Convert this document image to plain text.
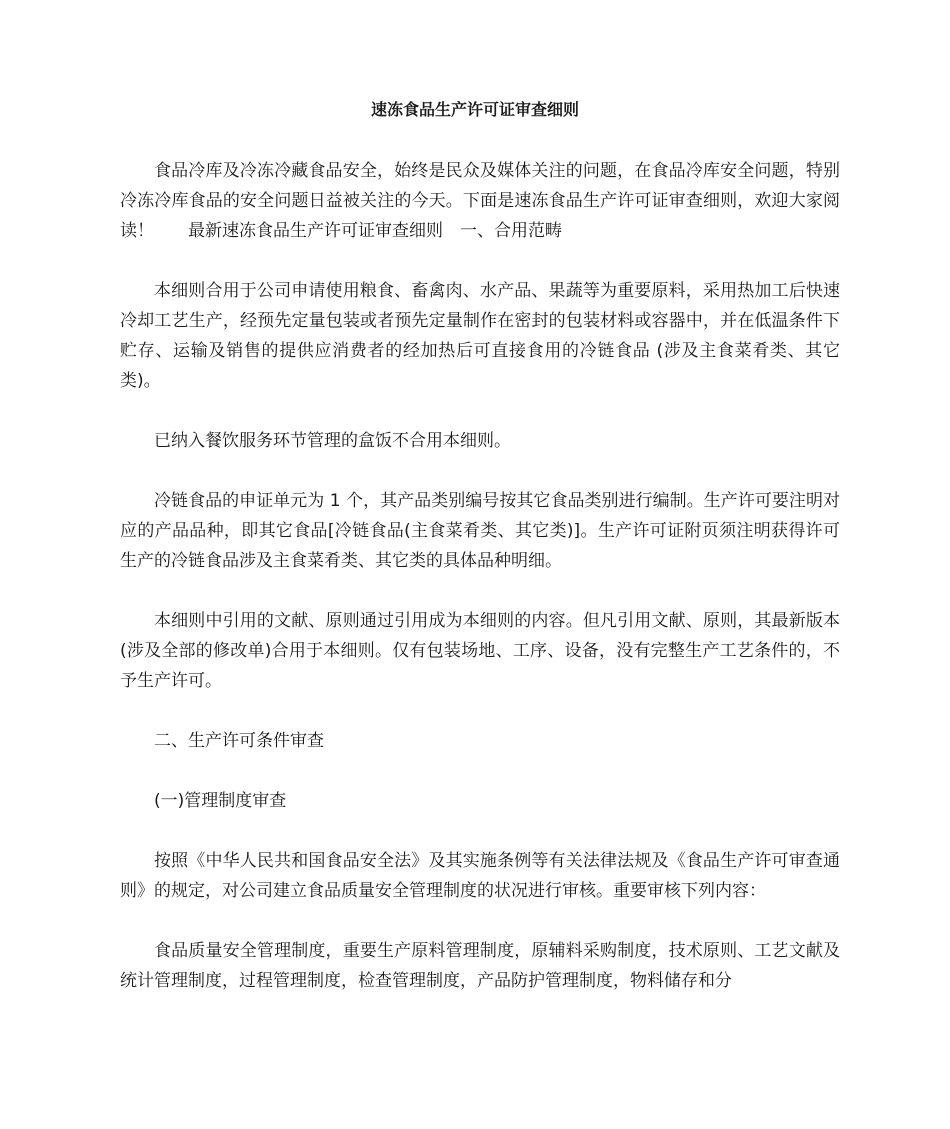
速冻食品生产许可证审查细则

食品冷库及冷冻冷藏食品安全，始终是民众及媒体关注的问题，在食品冷库安全问题，特别冷冻冷库食品的安全问题日益被关注的今天。下面是速冻食品生产许可证审查细则，欢迎大家阅读！　　最新速冻食品生产许可证审查细则　一、合用范畴

本细则合用于公司申请使用粮食、畜禽肉、水产品、果蔬等为重要原料，采用热加工后快速冷却工艺生产，经预先定量包装或者预先定量制作在密封的包装材料或容器中，并在低温条件下贮存、运输及销售的提供应消费者的经加热后可直接食用的冷链食品 (涉及主食菜肴类、其它类)。

已纳入餐饮服务环节管理的盒饭不合用本细则。

冷链食品的申证单元为 1 个，其产品类别编号按其它食品类别进行编制。生产许可要注明对应的产品品种，即其它食品[冷链食品(主食菜肴类、其它类)]。生产许可证附页须注明获得许可生产的冷链食品涉及主食菜肴类、其它类的具体品种明细。

本细则中引用的文献、原则通过引用成为本细则的内容。但凡引用文献、原则，其最新版本(涉及全部的修改单)合用于本细则。仅有包装场地、工序、设备，没有完整生产工艺条件的，不予生产许可。

二、生产许可条件审查

(一)管理制度审查

按照《中华人民共和国食品安全法》及其实施条例等有关法律法规及《食品生产许可审查通则》的规定，对公司建立食品质量安全管理制度的状况进行审核。重要审核下列内容：

食品质量安全管理制度，重要生产原料管理制度，原辅料采购制度，技术原则、工艺文献及统计管理制度，过程管理制度，检查管理制度，产品防护管理制度，物料储存和分
